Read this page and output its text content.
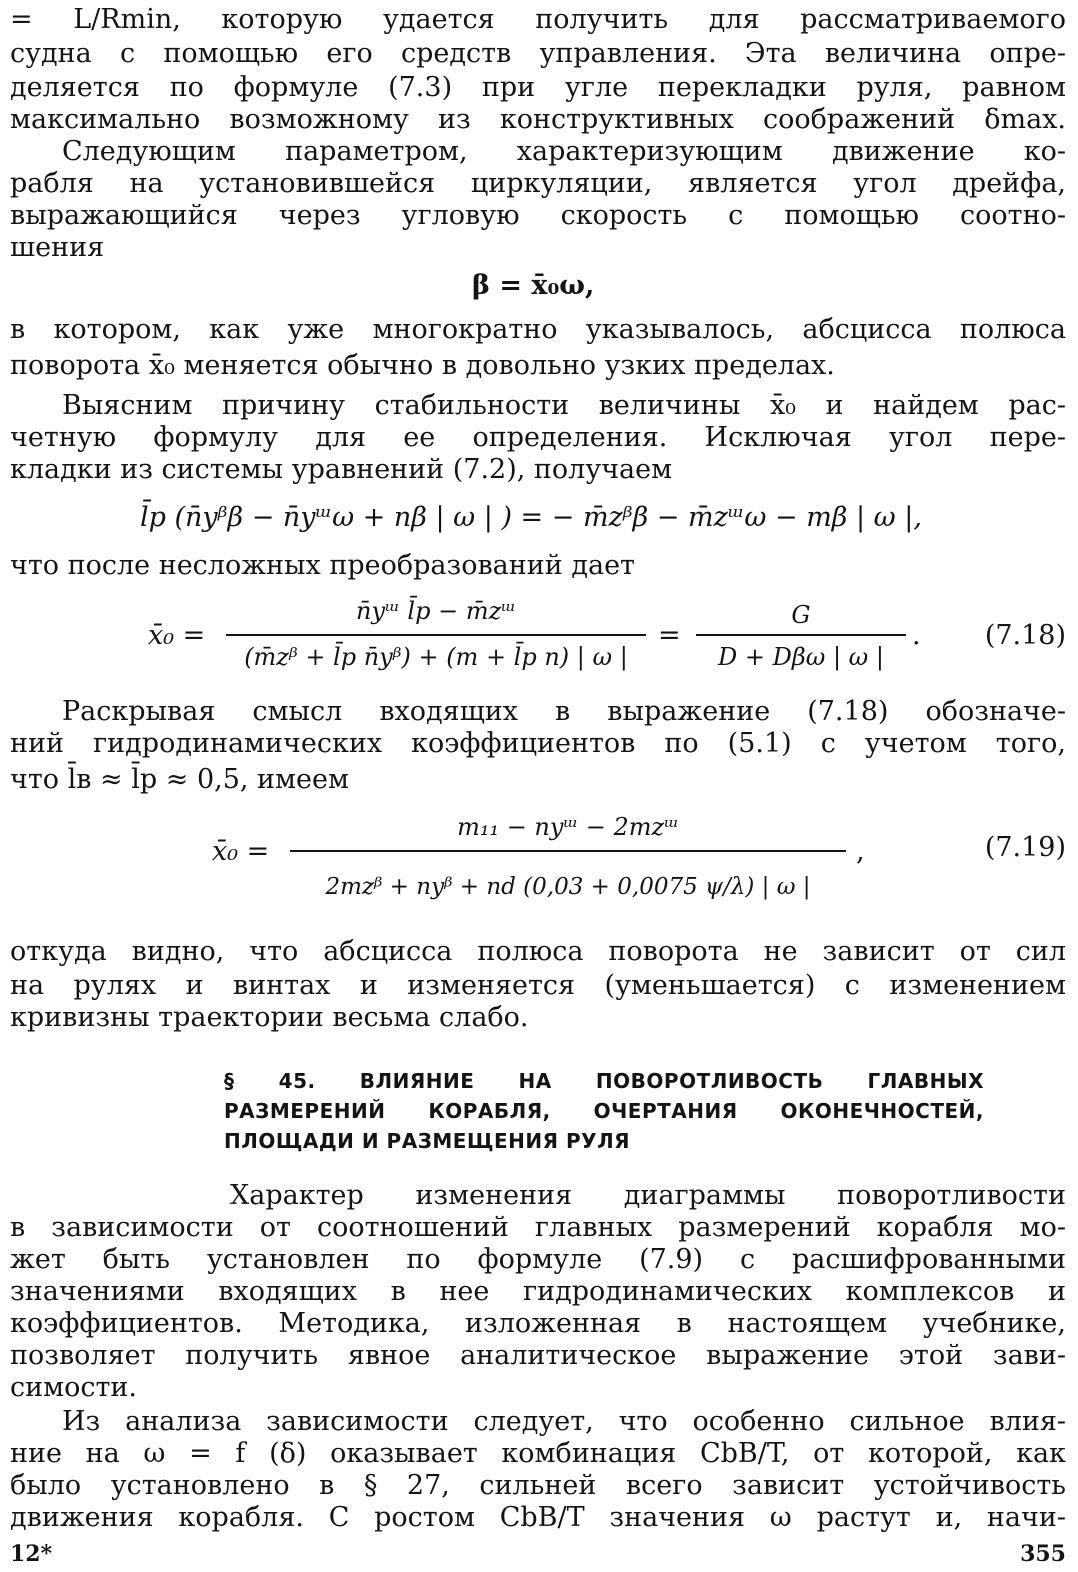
= L/Rmin, которую удается получить для рассматриваемого
судна с помощью его средств управления. Эта величина опре-
деляется по формуле (7.3) при угле перекладки руля, равном
максимально возможному из конструктивных соображений δmax.
Следующим параметром, характеризующим движение ко-
рабля на установившейся циркуляции, является угол дрейфа,
выражающийся через угловую скорость с помощью соотно-
шения
β = x̄₀ω,
в котором, как уже многократно указывалось, абсцисса полюса
поворота x̄₀ меняется обычно в довольно узких пределах.
Выясним причину стабильности величины x̄₀ и найдем рас-
четную формулу для ее определения. Исключая угол пере-
кладки из системы уравнений (7.2), получаем
l̄р (n̄yᵝβ − n̄yᵚω + nβ | ω | ) = − m̄zᵝβ − m̄zᵚω − mβ | ω |,
что после несложных преобразований дает
x̄₀ =
n̄yᵚ l̄р − m̄zᵚ
(m̄zᵝ + l̄р n̄yᵝ) + (m + l̄р n) | ω |
=
G
D + Dβω | ω |
. (7.18)
Раскрывая смысл входящих в выражение (7.18) обозначе-
ний гидродинамических коэффициентов по (5.1) с учетом того,
что l̄в ≈ l̄р ≈ 0,5, имеем
x̄₀ =
m₁₁ − nyᵚ − 2mzᵚ
2mzᵝ + nyᵝ + nd (0,03 + 0,0075 ψ/λ) | ω |
,	(7.19)
откуда видно, что абсцисса полюса поворота не зависит от сил
на рулях и винтах и изменяется (уменьшается) с изменением
кривизны траектории весьма слабо.
§ 45. ВЛИЯНИЕ НА ПОВОРОТЛИВОСТЬ ГЛАВНЫХ
РАЗМЕРЕНИЙ КОРАБЛЯ, ОЧЕРТАНИЯ ОКОНЕЧНОСТЕЙ,
ПЛОЩАДИ И РАЗМЕЩЕНИЯ РУЛЯ
Характер изменения диаграммы поворотливости
в зависимости от соотношений главных размерений корабля мо-
жет быть установлен по формуле (7.9) с расшифрованными
значениями входящих в нее гидродинамических комплексов и
коэффициентов. Методика, изложенная в настоящем учебнике,
позволяет получить явное аналитическое выражение этой зави-
симости.
Из анализа зависимости следует, что особенно сильное влия-
ние на ω = f (δ) оказывает комбинация CbB/T, от которой, как
было установлено в § 27, сильней всего зависит устойчивость
движения корабля. С ростом CbB/T значения ω растут и, начи-
12*	355
